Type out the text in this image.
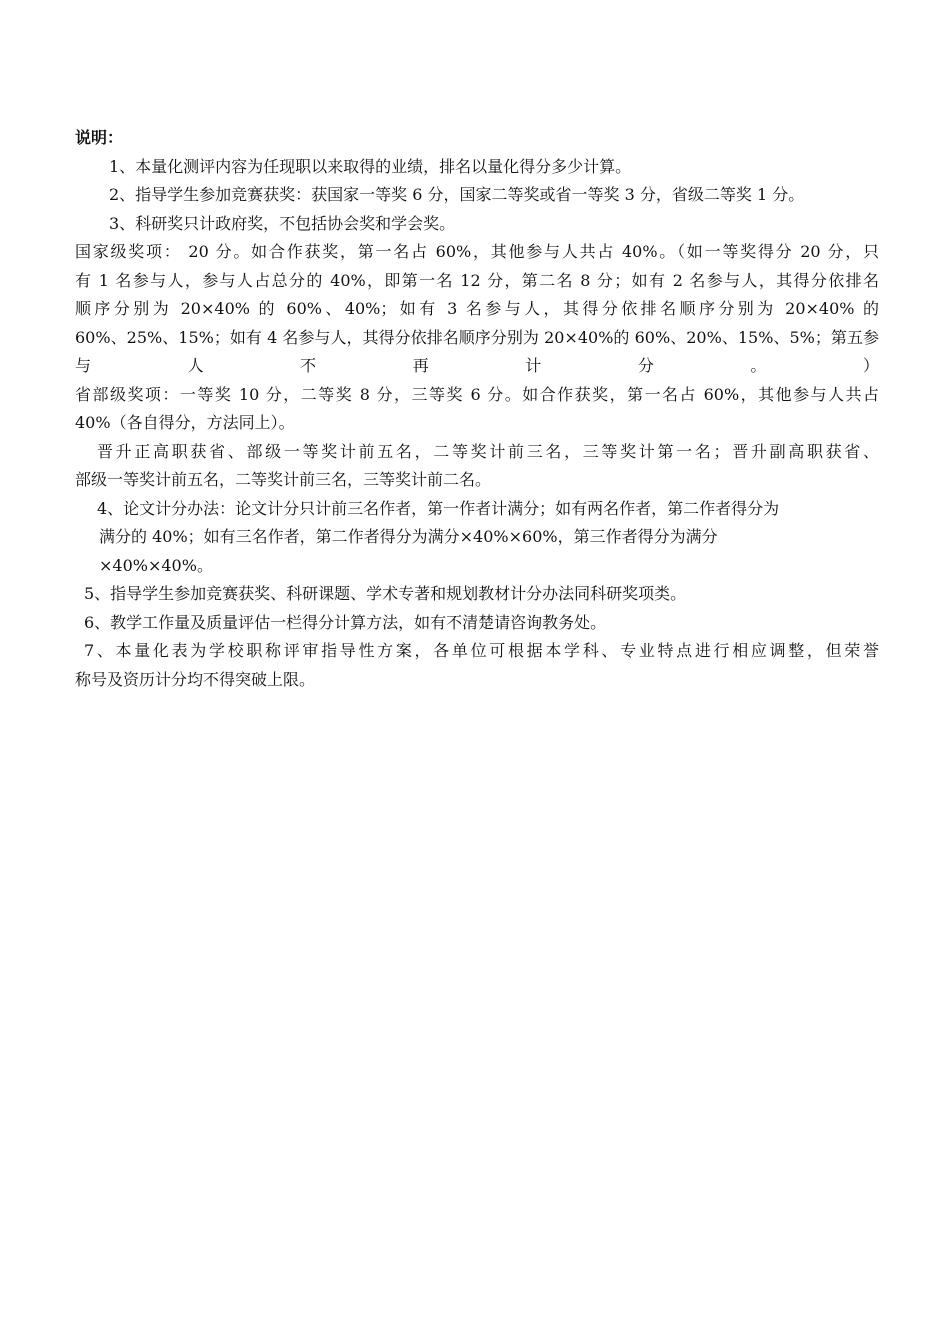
说明：

1、本量化测评内容为任现职以来取得的业绩，排名以量化得分多少计算。

2、指导学生参加竞赛获奖：获国家一等奖 6 分，国家二等奖或省一等奖 3 分，省级二等奖 1 分。

3、科研奖只计政府奖，不包括协会奖和学会奖。

国家级奖项： 20 分。如合作获奖，第一名占 60%，其他参与人共占 40%。（如一等奖得分 20 分，只

有 1 名参与人，参与人占总分的 40%，即第一名 12 分，第二名 8 分；如有 2 名参与人，其得分依排名

顺序分别为 20×40% 的 60%、40%；如有 3 名参与人，其得分依排名顺序分别为 20×40% 的

60%、25%、15%；如有 4 名参与人，其得分依排名顺序分别为 20×40%的 60%、20%、15%、5%；第五参

与 人 不 再 计 分 。 ）

省部级奖项：一等奖 10 分，二等奖 8 分，三等奖 6 分。如合作获奖，第一名占 60%，其他参与人共占

40%（各自得分，方法同上）。

晋升正高职获省、部级一等奖计前五名，二等奖计前三名，三等奖计第一名；晋升副高职获省、

部级一等奖计前五名，二等奖计前三名，三等奖计前二名。

4、论文计分办法：论文计分只计前三名作者，第一作者计满分；如有两名作者，第二作者得分为

满分的 40%；如有三名作者，第二作者得分为满分×40%×60%，第三作者得分为满分

×40%×40%。

5、指导学生参加竞赛获奖、科研课题、学术专著和规划教材计分办法同科研奖项类。

6、教学工作量及质量评估一栏得分计算方法，如有不清楚请咨询教务处。

7、本量化表为学校职称评审指导性方案，各单位可根据本学科、专业特点进行相应调整，但荣誉

称号及资历计分均不得突破上限。
